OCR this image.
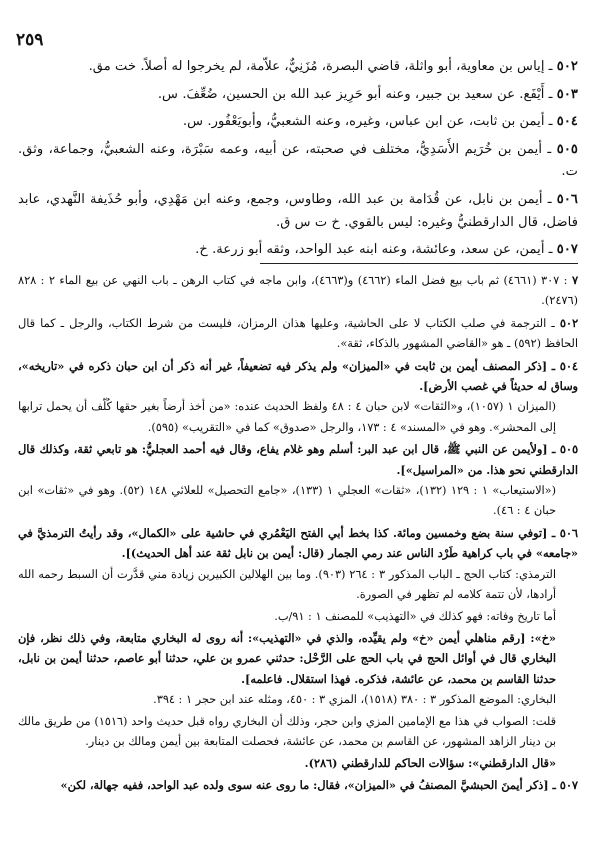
٢٥٩

٥٠٢ ـ إياس بن معاوية، أبو واثلة، قاضي البصرة، مُزَنِيٌّ، علاّمة، لم يخرجوا له أصلاً. خت مق.

٥٠٣ ـ أَيْفَع. عن سعيد بن جبير، وعنه أبو حَرِيز عبد الله بن الحسين، ضُعِّفَ. س.

٥٠٤ ـ أيمن بن ثابت، عن ابن عباس، وغيره، وعنه الشعبيُّ، وأبويَعْفُور. س.

٥٠٥ ـ أيمن بن خُرَيم الأَسَدِيُّ، مختلف في صحبته، عن أبيه، وعمه سَبْرَة، وعنه الشعبيُّ، وجماعة، وثق. ت.

٥٠٦ ـ أيمن بن نابل، عن قُدَامة بن عبد الله، وطاوس، وجمع، وعنه ابن مَهْدِي، وأبو حُذَيفة النَّهدي، عابد فاضل، قال الدارقطنيُّ وغيره: ليس بالقوي. خ ت س ق.

٥٠٧ ـ أيمن، عن سعد، وعائشة، وعنه ابنه عبد الواحد، وثقه أبو زرعة. خ.

٧ : ٣٠٧ (٤٦٦١) ثم باب بيع فضل الماء (٤٦٦٢) و(٤٦٦٣)، وابن ماجه في كتاب الرهن ـ باب النهي عن بيع الماء ٢ : ٨٢٨ (٢٤٧٦).

٥٠٢ ـ الترجمة في صلب الكتاب لا على الحاشية، وعليها هذان الرمزان، فليست من شرط الكتاب، والرجل ـ كما قال الحافظ (٥٩٢) ـ هو «القاضي المشهور بالذكاء، ثقة».

٥٠٤ ـ [ذكر المصنف أيمن بن ثابت في «الميزان» ولم يذكر فيه تضعيفاً، غير أنه ذكر أن ابن حبان ذكره في «تاريخه»، وساق له حديثاً في غصب الأرض].

(الميزان ١ (١٠٥٧)، و«الثقات» لابن حبان ٤ : ٤٨ ولفظ الحديث عنده: «من أخذ أرضاً بغير حقها كُلّف أن يحمل ترابها إلى المحشر». وهو في «المسند» ٤ : ١٧٣، والرجل «صدوق» كما في «التقريب» (٥٩٥).

٥٠٥ ـ [ولأيمن عن النبي ﷺ، قال ابن عبد البر: أسلم وهو غلام يفاع، وقال فيه أحمد العجليُّ: هو تابعي ثقة، وكذلك قال الدارقطني نحو هذا. من «المراسيل»].

(«الاستيعاب» ١ : ١٢٩ (١٣٢)، «ثقات» العجلي ١ (١٣٣)، «جامع التحصيل» للعلائي ١٤٨ (٥٢). وهو في «ثقات» ابن حبان ٤ : ٤٦).

٥٠٦ ـ [توفي سنة بضع وخمسين ومائة. كذا بخط أبي الفتح اليَعْمُري في حاشية على «الكمال»، وقد رأيتُ الترمذيَّ في «جامعه» في باب كراهية طَرْد الناس عند رمي الجمار (قال: أيمن بن نابل ثقة عند أهل الحديث)].

الترمذي: كتاب الحج ـ الباب المذكور ٣ : ٢٦٤ (٩٠٣). وما بين الهلالين الكبيرين زيادة مني قدَّرت أن السبط رحمه الله أرادها، لأن تتمة كلامه لم تظهر في الصورة.

أما تاريخ وفاته: فهو كذلك في «التهذيب» للمصنف ١ : ٩١/ب.

«خ»: [رقم مناهلي أيمن «خ» ولم يقيِّده، والذي في «التهذيب»: أنه روى له البخاري متابعة، وفي ذلك نظر، فإن البخاري قال في أوائل الحج في باب الحج على الرَّحْل: حدثني عمرو بن علي، حدثنا أبو عاصم، حدثنا أيمن بن نابل، حدثنا القاسم بن محمد، عن عائشة، فذكره. فهذا استقلال. فاعلمه].

البخاري: الموضع المذكور ٣ : ٣٨٠ (١٥١٨)، المزي ٣ : ٤٥٠، ومثله عند ابن حجر ١ : ٣٩٤.

قلت: الصواب في هذا مع الإمامين المزي وابن حجر، وذلك أن البخاري رواه قبل حديث واحد (١٥١٦) من طريق مالك بن دينار الزاهد المشهور، عن القاسم بن محمد، عن عائشة، فحصلت المتابعة بين أيمن ومالك بن دينار.

«قال الدارقطني»: سؤالات الحاكم للدارقطني (٢٨٦).

٥٠٧ ـ [ذكر أيمنَ الحبشيَّ المصنفُ في «الميزان»، فقال: ما روى عنه سوى ولده عبد الواحد، ففيه جهالة، لكن»
